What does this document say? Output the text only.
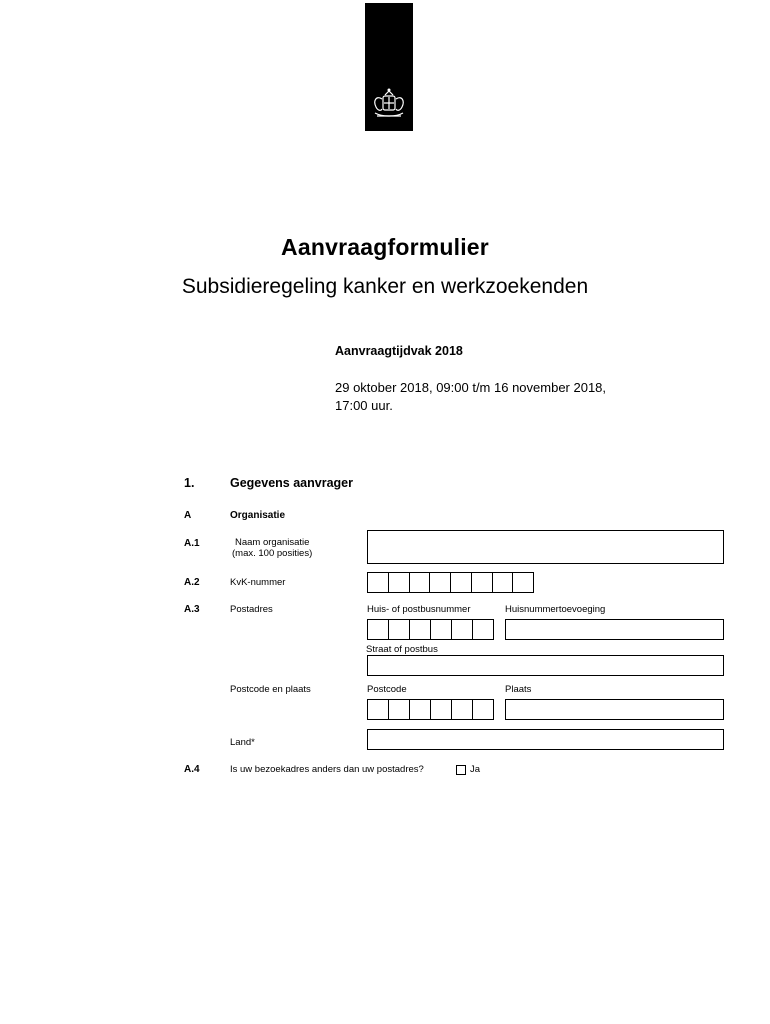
Aanvraagformulier
Subsidieregeling kanker en werkzoekenden
Aanvraagtijdvak 2018
29 oktober 2018, 09:00 t/m 16 november 2018,
17:00 uur.
1.	Gegevens aanvrager
A	Organisatie
A.1	Naam organisatie
(max. 100 posities)
A.2	KvK-nummer
A.3	Postadres	Huis- of postbusnummer	Huisnummertoevoeging
Straat of postbus
Postcode en plaats	Postcode	Plaats
Land*
A.4	Is uw bezoekadres anders dan uw postadres?	Ja
